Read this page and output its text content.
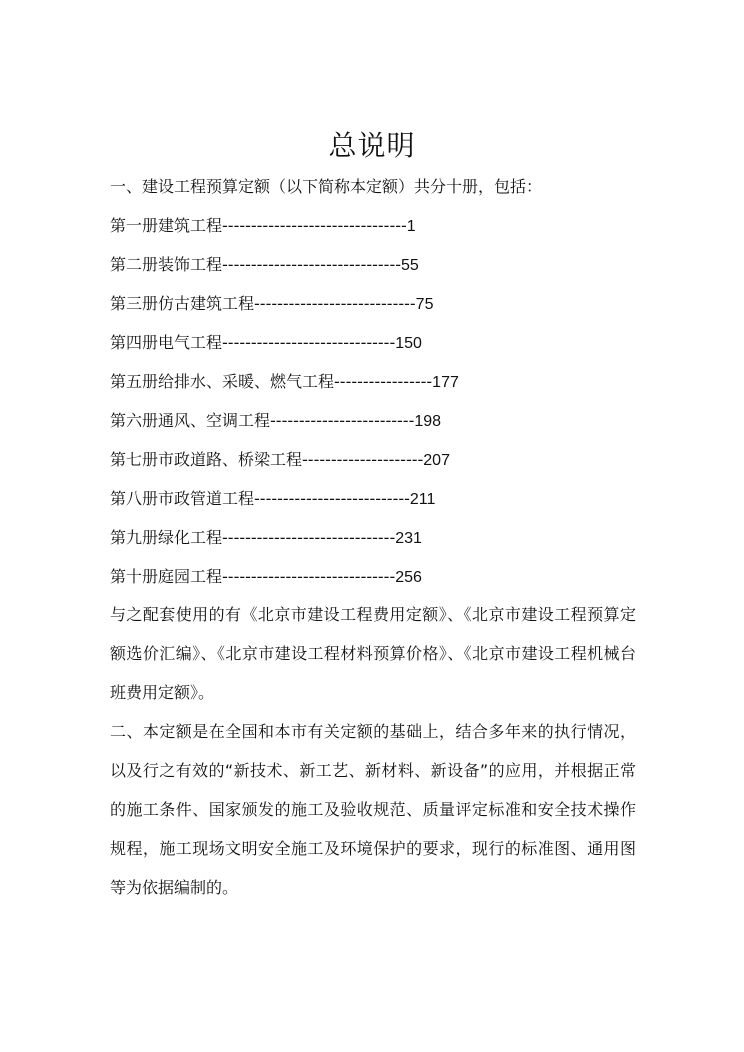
总说明
一、建设工程预算定额（以下简称本定额）共分十册，包括：
第一册建筑工程--------------------------------1
第二册装饰工程-------------------------------55
第三册仿古建筑工程----------------------------75
第四册电气工程------------------------------150
第五册给排水、采暖、燃气工程-----------------177
第六册通风、空调工程-------------------------198
第七册市政道路、桥梁工程---------------------207
第八册市政管道工程---------------------------211
第九册绿化工程------------------------------231
第十册庭园工程------------------------------256

与之配套使用的有《北京市建设工程费用定额》、《北京市建设工程预算定额选价汇编》、《北京市建设工程材料预算价格》、《北京市建设工程机械台班费用定额》。

二、本定额是在全国和本市有关定额的基础上，结合多年来的执行情况，以及行之有效的“新技术、新工艺、新材料、新设备”的应用，并根据正常的施工条件、国家颁发的施工及验收规范、质量评定标准和安全技术操作规程，施工现场文明安全施工及环境保护的要求，现行的标准图、通用图等为依据编制的。
